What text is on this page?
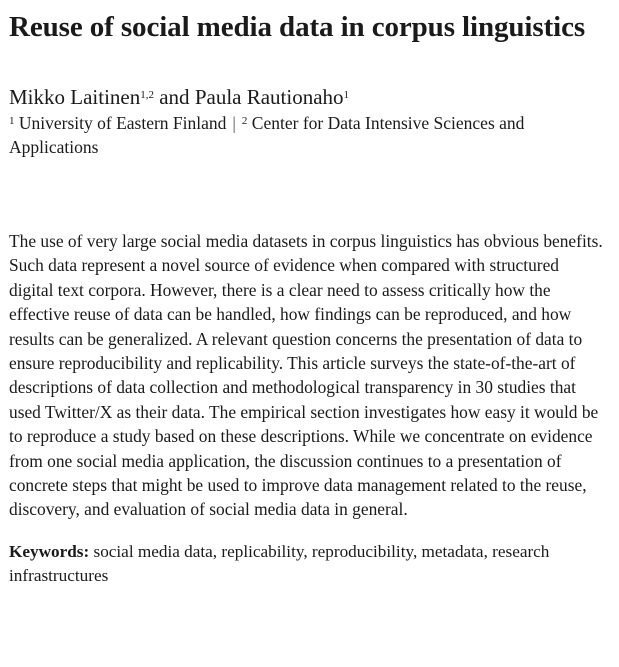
Reuse of social media data in corpus linguistics
Mikko Laitinen$^{1,2}$ and Paula Rautionaho$^1$
$^1$ University of Eastern Finland | $^2$ Center for Data Intensive Sciences and Applications

The use of very large social media datasets in corpus linguistics has obvious benefits. Such data represent a novel source of evidence when compared with structured digital text corpora. However, there is a clear need to assess critically how the effective reuse of data can be handled, how findings can be reproduced, and how results can be generalized. A relevant question concerns the presentation of data to ensure reproducibility and replicability. This article surveys the state-of-the-art of descriptions of data collection and methodological transparency in 30 studies that used Twitter/X as their data. The empirical section investigates how easy it would be to reproduce a study based on these descriptions. While we concentrate on evidence from one social media application, the discussion continues to a presentation of concrete steps that might be used to improve data management related to the reuse, discovery, and evaluation of social media data in general.

Keywords: social media data, replicability, reproducibility, metadata, research infrastructures
